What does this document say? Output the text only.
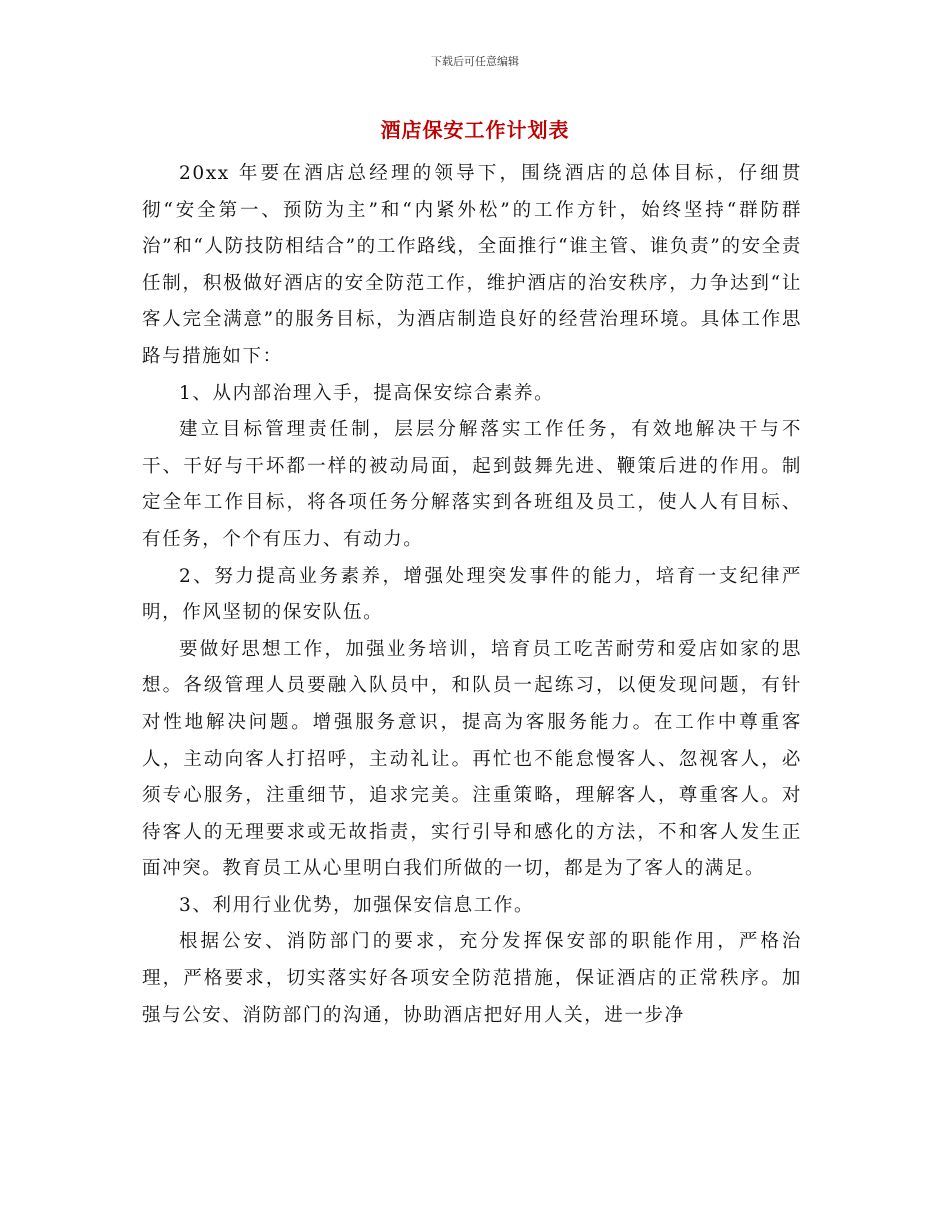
下载后可任意编辑
酒店保安工作计划表

20xx 年要在酒店总经理的领导下，围绕酒店的总体目标，仔细贯彻“安全第一、预防为主”和“内紧外松”的工作方针，始终坚持“群防群治”和“人防技防相结合”的工作路线，全面推行“谁主管、谁负责”的安全责任制，积极做好酒店的安全防范工作，维护酒店的治安秩序，力争达到“让客人完全满意”的服务目标，为酒店制造良好的经营治理环境。具体工作思路与措施如下：

1、从内部治理入手，提高保安综合素养。

建立目标管理责任制，层层分解落实工作任务，有效地解决干与不干、干好与干坏都一样的被动局面，起到鼓舞先进、鞭策后进的作用。制定全年工作目标，将各项任务分解落实到各班组及员工，使人人有目标、有任务，个个有压力、有动力。

2、努力提高业务素养，增强处理突发事件的能力，培育一支纪律严明，作风坚韧的保安队伍。

要做好思想工作，加强业务培训，培育员工吃苦耐劳和爱店如家的思想。各级管理人员要融入队员中，和队员一起练习，以便发现问题，有针对性地解决问题。增强服务意识，提高为客服务能力。在工作中尊重客人，主动向客人打招呼，主动礼让。再忙也不能怠慢客人、忽视客人，必须专心服务，注重细节，追求完美。注重策略，理解客人，尊重客人。对待客人的无理要求或无故指责，实行引导和感化的方法，不和客人发生正面冲突。教育员工从心里明白我们所做的一切，都是为了客人的满足。

3、利用行业优势，加强保安信息工作。

根据公安、消防部门的要求，充分发挥保安部的职能作用，严格治理，严格要求，切实落实好各项安全防范措施，保证酒店的正常秩序。加强与公安、消防部门的沟通，协助酒店把好用人关，进一步净
